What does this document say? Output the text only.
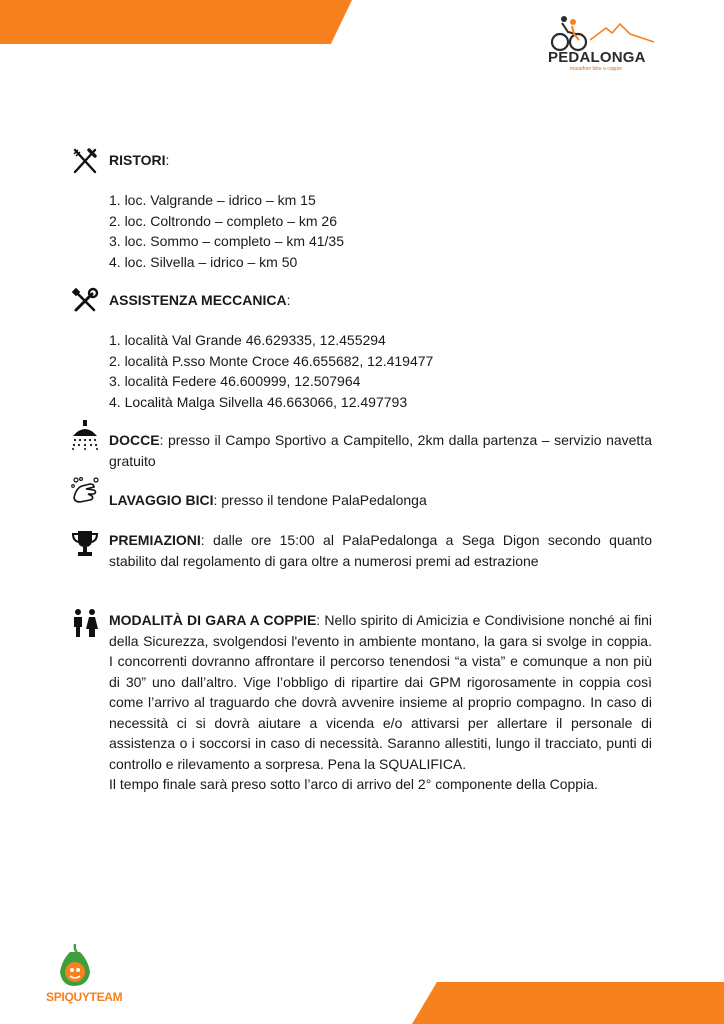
PEDALONGA
marathon bike a coppie
RISTORI:
1. loc. Valgrande – idrico – km 15
2. loc. Coltrondo – completo – km 26
3. loc. Sommo – completo – km 41/35
4. loc. Silvella – idrico – km 50
ASSISTENZA MECCANICA:
1. località Val Grande 46.629335, 12.455294
2. località P.sso Monte Croce 46.655682, 12.419477
3. località Federe 46.600999, 12.507964
4. Località Malga Silvella 46.663066, 12.497793
DOCCE: presso il Campo Sportivo a Campitello, 2km dalla partenza – servizio navetta gratuito
LAVAGGIO BICI: presso il tendone PalaPedalonga
PREMIAZIONI: dalle ore 15:00 al PalaPedalonga a Sega Digon secondo quanto stabilito dal regolamento di gara oltre a numerosi premi ad estrazione
MODALITÀ DI GARA A COPPIE: Nello spirito di Amicizia e Condivisione nonché ai fini della Sicurezza, svolgendosi l'evento in ambiente montano, la gara si svolge in coppia. I concorrenti dovranno affrontare il percorso tenendosi “a vista” e comunque a non più di 30” uno dall’altro. Vige l’obbligo di ripartire dai GPM rigorosamente in coppia così come l’arrivo al traguardo che dovrà avvenire insieme al proprio compagno. In caso di necessità ci si dovrà aiutare a vicenda e/o attivarsi per allertare il personale di assistenza o i soccorsi in caso di necessità. Saranno allestiti, lungo il tracciato, punti di controllo e rilevamento a sorpresa. Pena la SQUALIFICA.
Il tempo finale sarà preso sotto l’arco di arrivo del 2° componente della Coppia.
SPIQUYTEAM
